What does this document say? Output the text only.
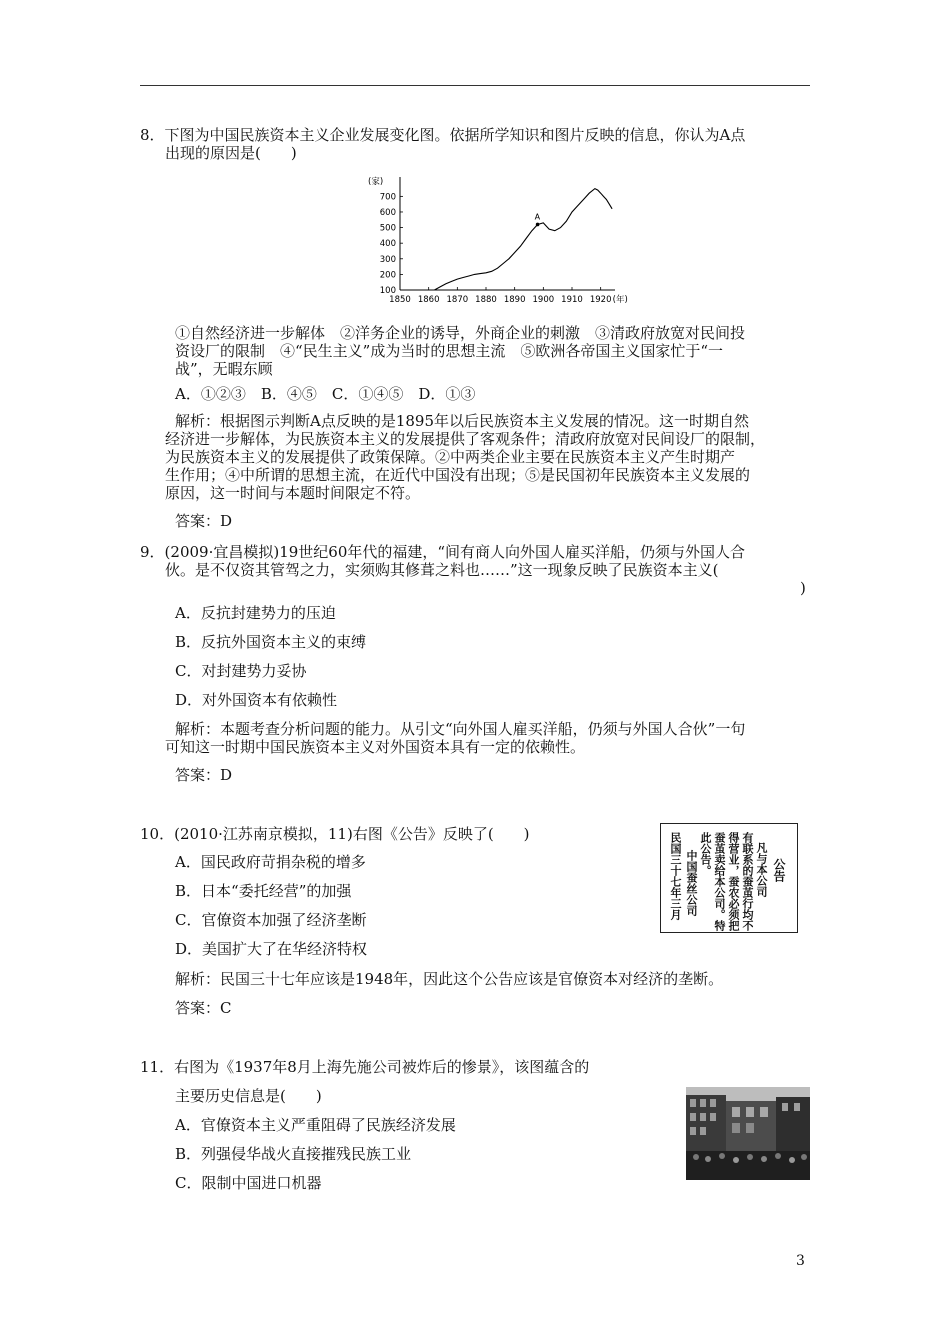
8．下图为中国民族资本主义企业发展变化图。依据所学知识和图片反映的信息，你认为A点
出现的原因是(　　)
1850 1860 1870 1880 1890 1900 1910 1920 (年)
100
200
300
400
500
600
700
(家)
A
①自然经济进一步解体　②洋务企业的诱导，外商企业的刺激　③清政府放宽对民间投
资设厂的限制　④“民生主义”成为当时的思想主流　⑤欧洲各帝国主义国家忙于“一
战”，无暇东顾
A．①②③　B．④⑤　C．①④⑤　D．①③
解析：根据图示判断A点反映的是1895年以后民族资本主义发展的情况。这一时期自然
经济进一步解体，为民族资本主义的发展提供了客观条件；清政府放宽对民间设厂的限制，
为民族资本主义的发展提供了政策保障。②中两类企业主要在民族资本主义产生时期产
生作用；④中所谓的思想主流，在近代中国没有出现；⑤是民国初年民族资本主义发展的
原因，这一时间与本题时间限定不符。
答案：D
9．(2009·宜昌模拟)19世纪60年代的福建，“间有商人向外国人雇买洋船，仍须与外国人合
伙。是不仅资其管驾之力，实须购其修葺之料也……”这一现象反映了民族资本主义(
)
A．反抗封建势力的压迫
B．反抗外国资本主义的束缚
C．对封建势力妥协
D．对外国资本有依赖性
解析：本题考查分析问题的能力。从引文“向外国人雇买洋船，仍须与外国人合伙”一句
可知这一时期中国民族资本主义对外国资本具有一定的依赖性。
答案：D
10．(2010·江苏南京模拟，11)右图《公告》反映了(　　)
A．国民政府苛捐杂税的增多
B．日本“委托经营”的加强
C．官僚资本加强了经济垄断
D．美国扩大了在华经济特权
解析：民国三十七年应该是1948年，因此这个公告应该是官僚资本对经济的垄断。
答案：C
公告
凡与本公司
有联系的蚕茧行均不
得营业，蚕农必须把
蚕茧卖给本公司。特
此公告。
中国蚕丝公司
民国三十七年三月
11．右图为《1937年8月上海先施公司被炸后的惨景》，该图蕴含的
主要历史信息是(　　)
A．官僚资本主义严重阻碍了民族经济发展
B．列强侵华战火直接摧残民族工业
C．限制中国进口机器
3
